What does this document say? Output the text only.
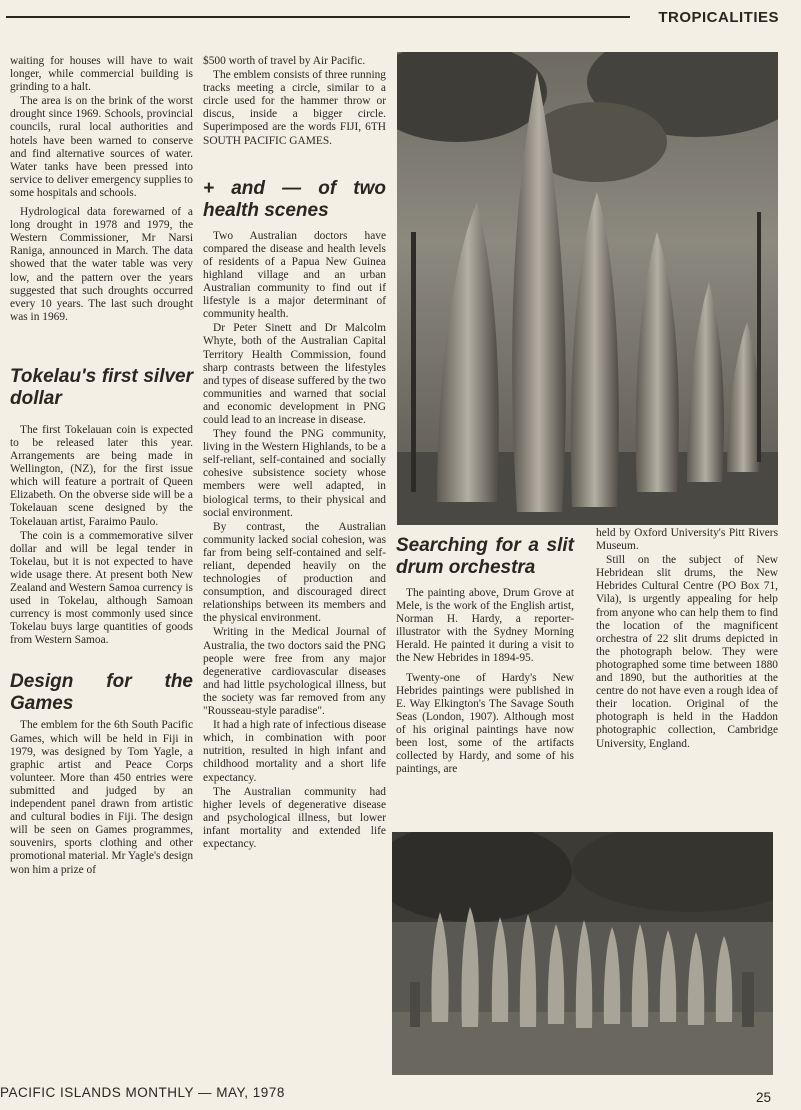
TROPICALITIES

waiting for houses will have to wait longer, while commercial building is grinding to a halt.

The area is on the brink of the worst drought since 1969. Schools, provincial councils, rural local authorities and hotels have been warned to conserve and find alternative sources of water. Water tanks have been pressed into service to deliver emergency supplies to some hospitals and schools.

Hydrological data forewarned of a long drought in 1978 and 1979, the Western Commissioner, Mr Narsi Raniga, announced in March. The data showed that the water table was very low, and the pattern over the years suggested that such droughts occurred every 10 years. The last such drought was in 1969.

Tokelau's first silver dollar

The first Tokelauan coin is expected to be released later this year. Arrangements are being made in Wellington, (NZ), for the first issue which will feature a portrait of Queen Elizabeth. On the obverse side will be a Tokelauan scene designed by the Tokelauan artist, Faraimo Paulo.

The coin is a commemorative silver dollar and will be legal tender in Tokelau, but it is not expected to have wide usage there. At present both New Zealand and Western Samoa currency is used in Tokelau, although Samoan currency is most commonly used since Tokelau buys large quantities of goods from Western Samoa.

Design for the Games

The emblem for the 6th South Pacific Games, which will be held in Fiji in 1979, was designed by Tom Yagle, a graphic artist and Peace Corps volunteer. More than 450 entries were submitted and judged by an independent panel drawn from artistic and cultural bodies in Fiji. The design will be seen on Games programmes, souvenirs, sports clothing and other promotional material. Mr Yagle's design won him a prize of

$500 worth of travel by Air Pacific.

The emblem consists of three running tracks meeting a circle, similar to a circle used for the hammer throw or discus, inside a bigger circle. Superimposed are the words FIJI, 6TH SOUTH PACIFIC GAMES.

+ and — of two health scenes

Two Australian doctors have compared the disease and health levels of residents of a Papua New Guinea highland village and an urban Australian community to find out if lifestyle is a major determinant of community health.

Dr Peter Sinett and Dr Malcolm Whyte, both of the Australian Capital Territory Health Commission, found sharp contrasts between the lifestyles and types of disease suffered by the two communities and warned that social and economic development in PNG could lead to an increase in disease.

They found the PNG community, living in the Western Highlands, to be a self-reliant, self-contained and socially cohesive subsistence society whose members were well adapted, in biological terms, to their physical and social environment.

By contrast, the Australian community lacked social cohesion, was far from being self-contained and self-reliant, depended heavily on the technologies of production and consumption, and discouraged direct relationships between its members and the physical environment.

Writing in the Medical Journal of Australia, the two doctors said the PNG people were free from any major degenerative cardiovascular diseases and had little psychological illness, but the society was far removed from any "Rousseau-style paradise".

It had a high rate of infectious disease which, in combination with poor nutrition, resulted in high infant and childhood mortality and a short life expectancy.

The Australian community had higher levels of degenerative disease and psychological illness, but lower infant mortality and extended life expectancy.

Searching for a slit drum orchestra

The painting above, Drum Grove at Mele, is the work of the English artist, Norman H. Hardy, a reporter-illustrator with the Sydney Morning Herald. He painted it during a visit to the New Hebrides in 1894-95.

Twenty-one of Hardy's New Hebrides paintings were published in E. Way Elkington's The Savage South Seas (London, 1907). Although most of his original paintings have now been lost, some of the artifacts collected by Hardy, and some of his paintings, are

held by Oxford University's Pitt Rivers Museum.

Still on the subject of New Hebridean slit drums, the New Hebrides Cultural Centre (PO Box 71, Vila), is urgently appealing for help from anyone who can help them to find the location of the magnificent orchestra of 22 slit drums depicted in the photograph below. They were photographed some time between 1880 and 1890, but the authorities at the centre do not have even a rough idea of their location. Original of the photograph is held in the Haddon photographic collection, Cambridge University, England.

PACIFIC ISLANDS MONTHLY — MAY, 1978	25
